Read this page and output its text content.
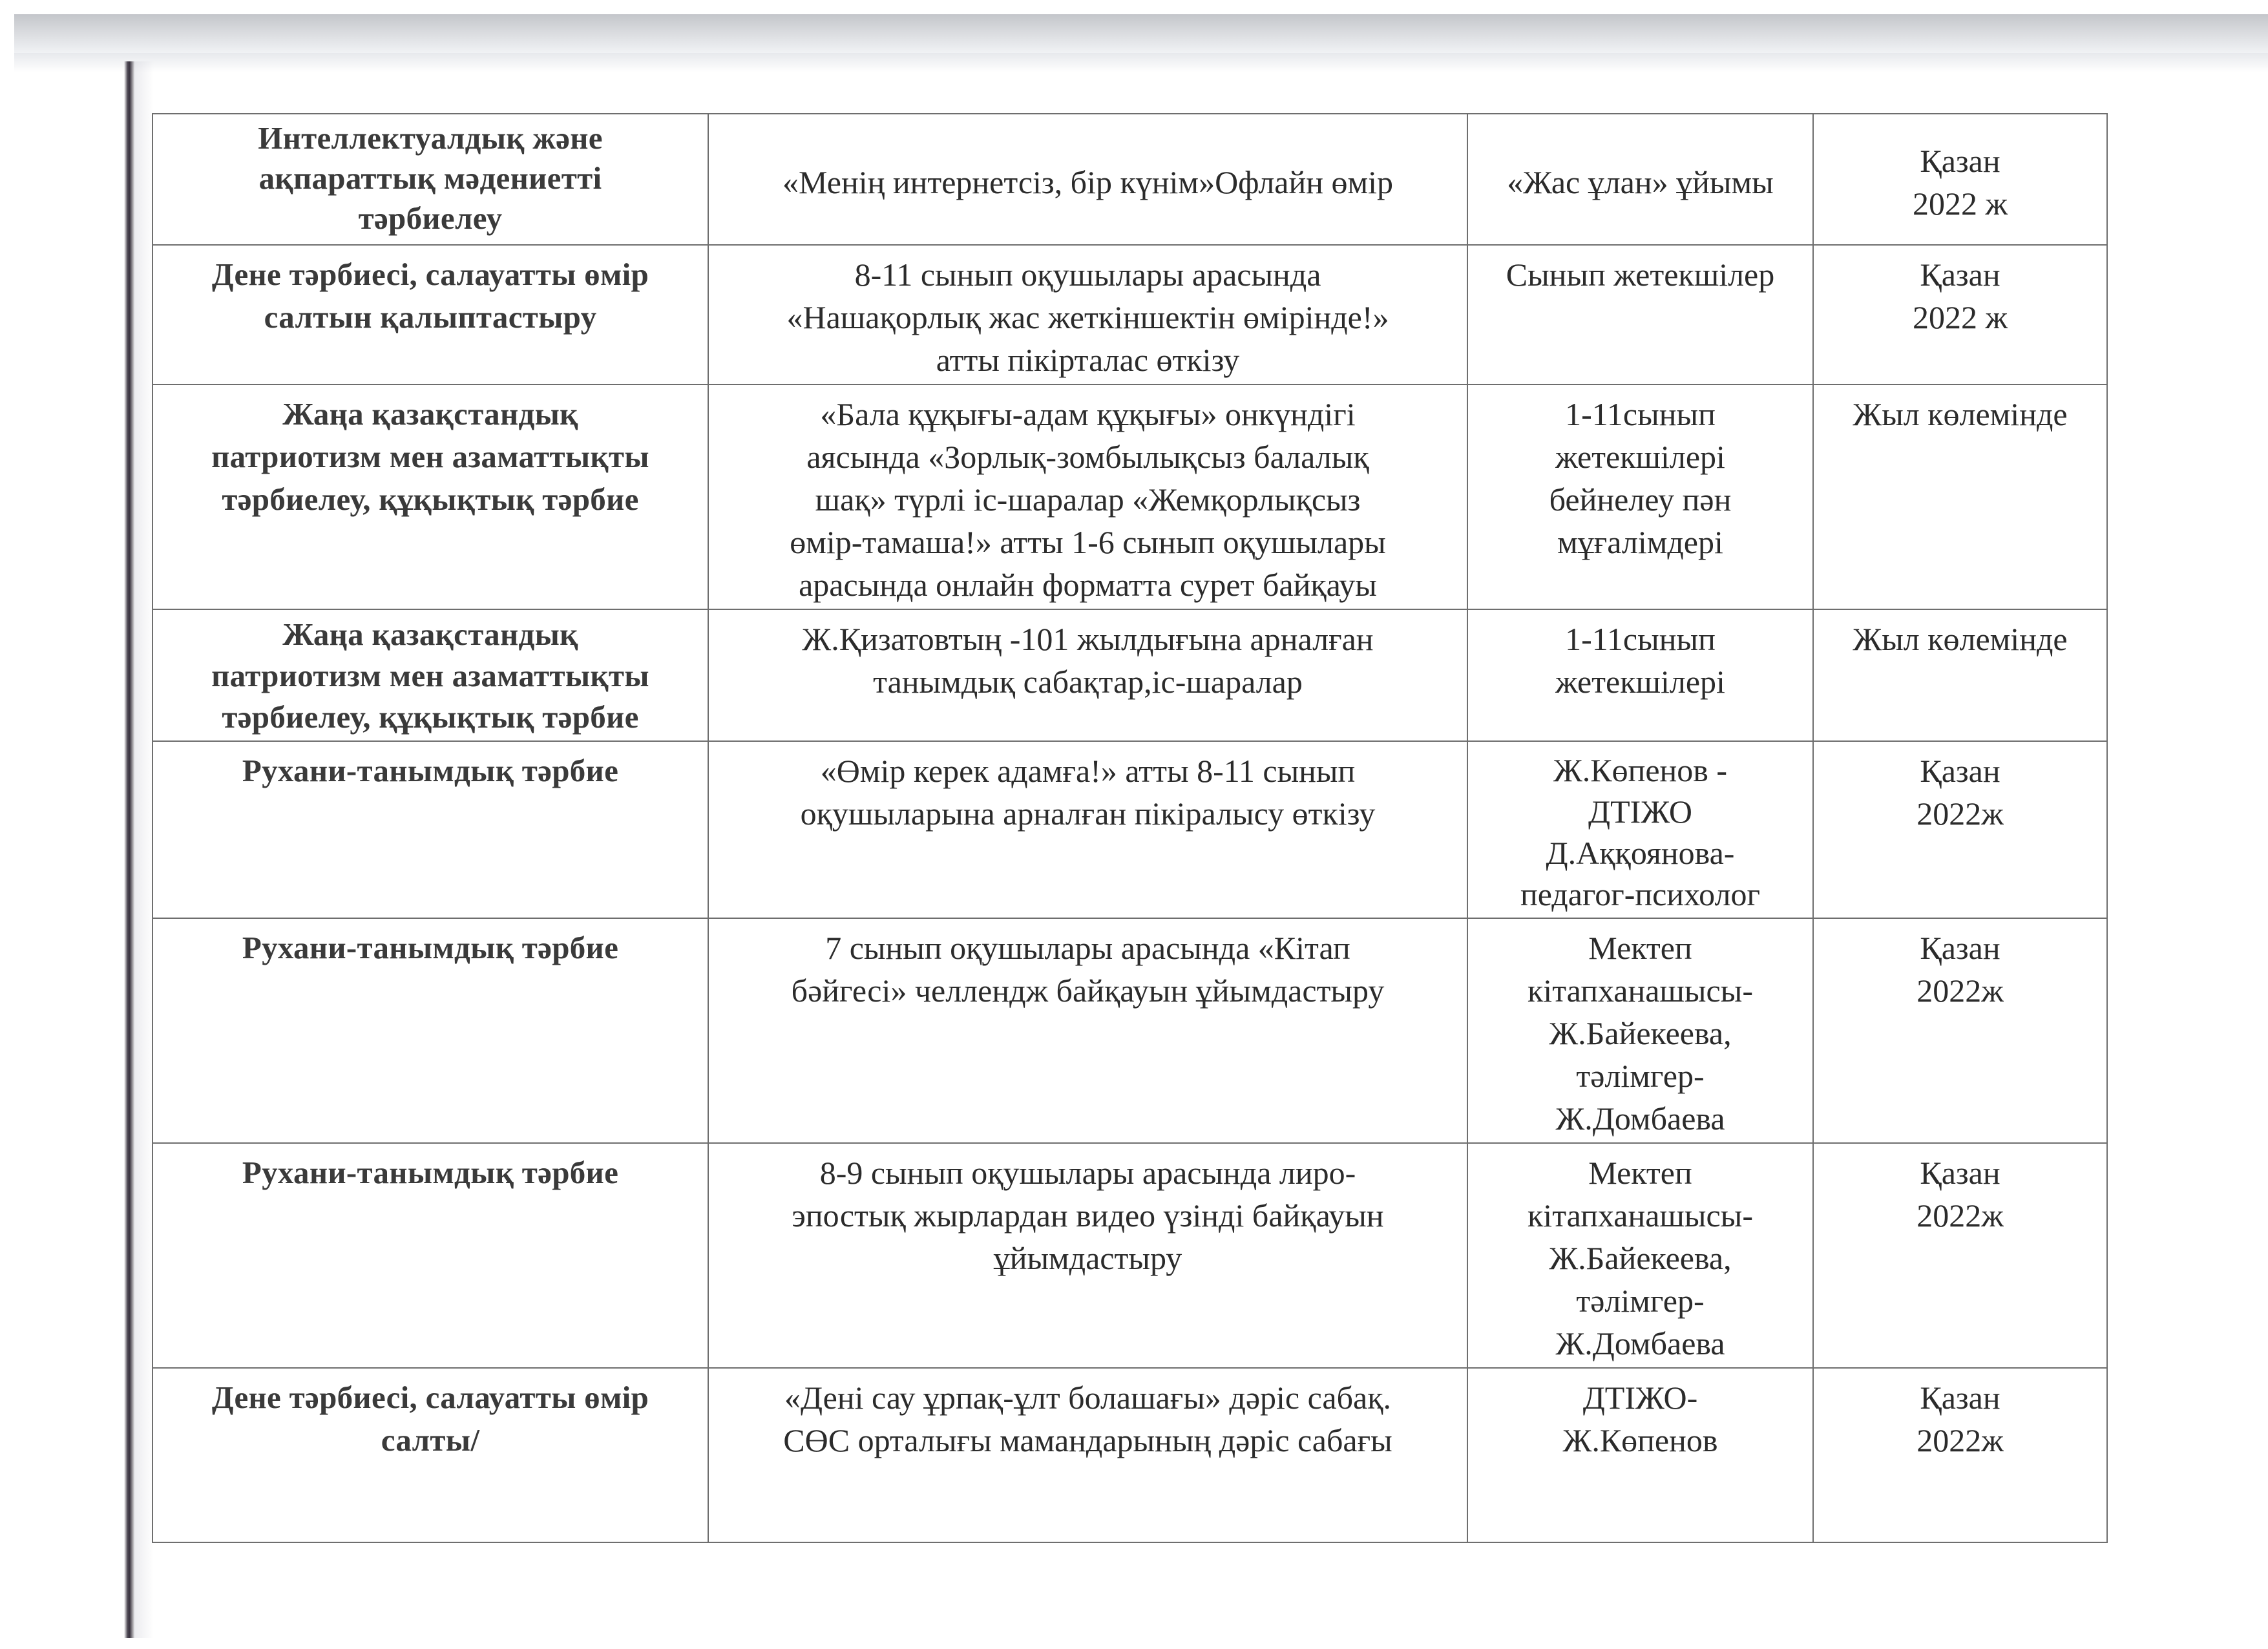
Интеллектуалдық және
ақпараттық мәдениетті
тәрбиелеу	«Менің интернетсіз, бір күнім»Офлайн өмір	«Жас ұлан» ұйымы	Қазан
2022 ж

Дене тәрбиесі, салауатты өмір
салтын қалыптастыру	8-11 сынып оқушылары арасында
«Нашақорлық жас жеткіншектін өмірінде!»
атты пікірталас өткізу	Сынып жетекшілер	Қазан
2022 ж

Жаңа қазақстандық
патриотизм мен азаматтықты
тәрбиелеу, құқықтық тәрбие	«Бала құқығы-адам құқығы» онкүндігі
аясында «Зорлық-зомбылықсыз балалық
шақ» түрлі іс-шаралар «Жемқорлықсыз
өмір-тамаша!» атты 1-6 сынып оқушылары
арасында онлайн форматта сурет байқауы	1-11сынып
жетекшілері
бейнелеу пән
мұғалімдері	Жыл көлемінде

Жаңа қазақстандық
патриотизм мен азаматтықты
тәрбиелеу, құқықтық тәрбие	Ж.Қизатовтың -101 жылдығына арналған
танымдық сабақтар,іс-шаралар	1-11сынып
жетекшілері	Жыл көлемінде

Рухани-танымдық тәрбие	«Өмір керек адамға!» атты 8-11 сынып
оқушыларына арналған пікіралысу өткізу	Ж.Көпенов -
ДТІЖО
Д.Аққоянова-
педагог-психолог	Қазан
2022ж

Рухани-танымдық тәрбие	7 сынып оқушылары арасында «Кітап
бәйгесі» челлендж байқауын ұйымдастыру	Мектеп
кітапханашысы-
Ж.Байекеева,
тәлімгер-
Ж.Домбаева	Қазан
2022ж

Рухани-танымдық тәрбие	8-9 сынып оқушылары арасында лиро-
эпостық жырлардан видео үзінді байқауын
ұйымдастыру	Мектеп
кітапханашысы-
Ж.Байекеева,
тәлімгер-
Ж.Домбаева	Қазан
2022ж

Дене тәрбиесі, салауатты өмір
салты/	«Дені сау ұрпақ-ұлт болашағы» дәріс сабақ.
СӨС орталығы мамандарының дәріс сабағы	ДТІЖО-
Ж.Көпенов	Қазан
2022ж
